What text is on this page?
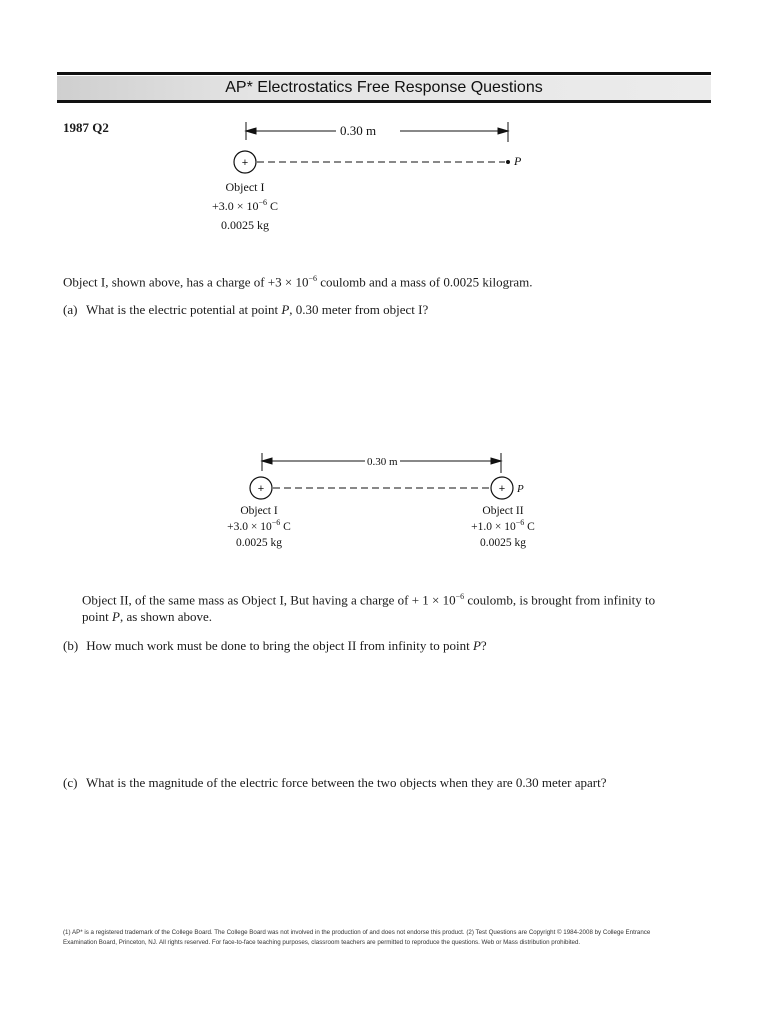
AP* Electrostatics Free Response Questions
1987 Q2	0.30 m
+	P
Object I
$+3.0 \times 10^{-6}$ C
0.0025 kg
Object I, shown above, has a charge of $+3 \times 10^{-6}$ coulomb and a mass of 0.0025 kilogram.
(a) What is the electric potential at point P, 0.30 meter from object I?
0.30 m
+	+ P
Object I
$+3.0 \times 10^{-6}$ C
0.0025 kg
Object II
$+1.0 \times 10^{-6}$ C
0.0025 kg
Object II, of the same mass as Object I, But having a charge of + $1 \times 10^{-6}$ coulomb, is brought from infinity to
point P, as shown above.
(b) How much work must be done to bring the object II from infinity to point P?
(c) What is the magnitude of the electric force between the two objects when they are 0.30 meter apart?
(1) AP* is a registered trademark of the College Board. The College Board was not involved in the production of and does not endorse this product. (2) Test Questions are Copyright © 1984-2008 by College Entrance
Examination Board, Princeton, NJ. All rights reserved. For face-to-face teaching purposes, classroom teachers are permitted to reproduce the questions. Web or Mass distribution prohibited.
